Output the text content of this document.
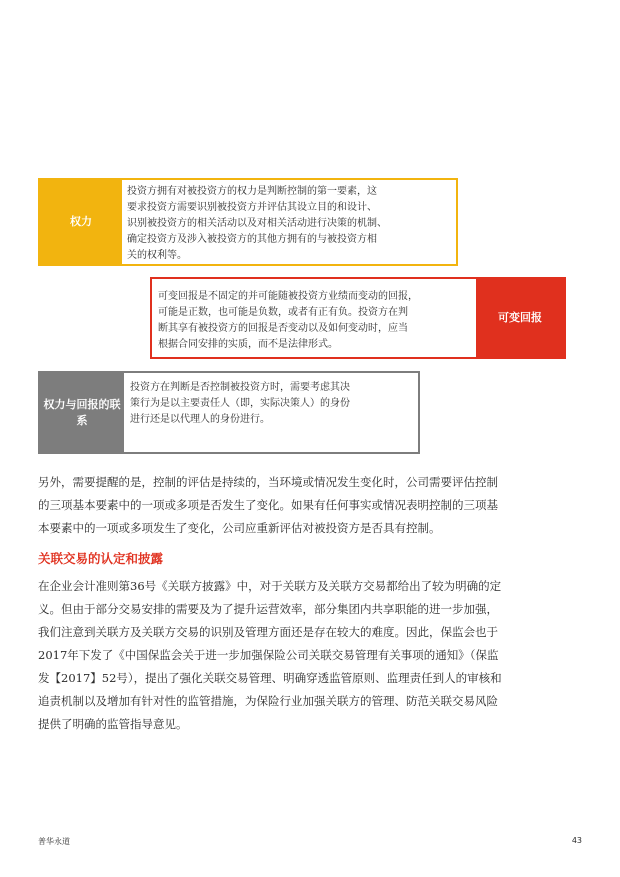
权力
投资方拥有对被投资方的权力是判断控制的第一要素，这
要求投资方需要识别被投资方并评估其设立目的和设计、
识别被投资方的相关活动以及对相关活动进行决策的机制、
确定投资方及涉入被投资方的其他方拥有的与被投资方相
关的权利等。
可变回报是不固定的并可能随被投资方业绩而变动的回报，
可能是正数，也可能是负数，或者有正有负。投资方在判
断其享有被投资方的回报是否变动以及如何变动时，应当
根据合同安排的实质，而不是法律形式。
可变回报
权力与回报的联系
投资方在判断是否控制被投资方时，需要考虑其决
策行为是以主要责任人（即，实际决策人）的身份
进行还是以代理人的身份进行。

另外，需要提醒的是，控制的评估是持续的，当环境或情况发生变化时，公司需要评估控制
的三项基本要素中的一项或多项是否发生了变化。如果有任何事实或情况表明控制的三项基
本要素中的一项或多项发生了变化，公司应重新评估对被投资方是否具有控制。

关联交易的认定和披露

在企业会计准则第36号《关联方披露》中，对于关联方及关联方交易都给出了较为明确的定
义。但由于部分交易安排的需要及为了提升运营效率，部分集团内共享职能的进一步加强，
我们注意到关联方及关联方交易的识别及管理方面还是存在较大的难度。因此，保监会也于
2017年下发了《中国保监会关于进一步加强保险公司关联交易管理有关事项的通知》（保监
发【2017】52号），提出了强化关联交易管理、明确穿透监管原则、监理责任到人的审核和
追责机制以及增加有针对性的监管措施，为保险行业加强关联方的管理、防范关联交易风险
提供了明确的监管指导意见。

普华永道	43
